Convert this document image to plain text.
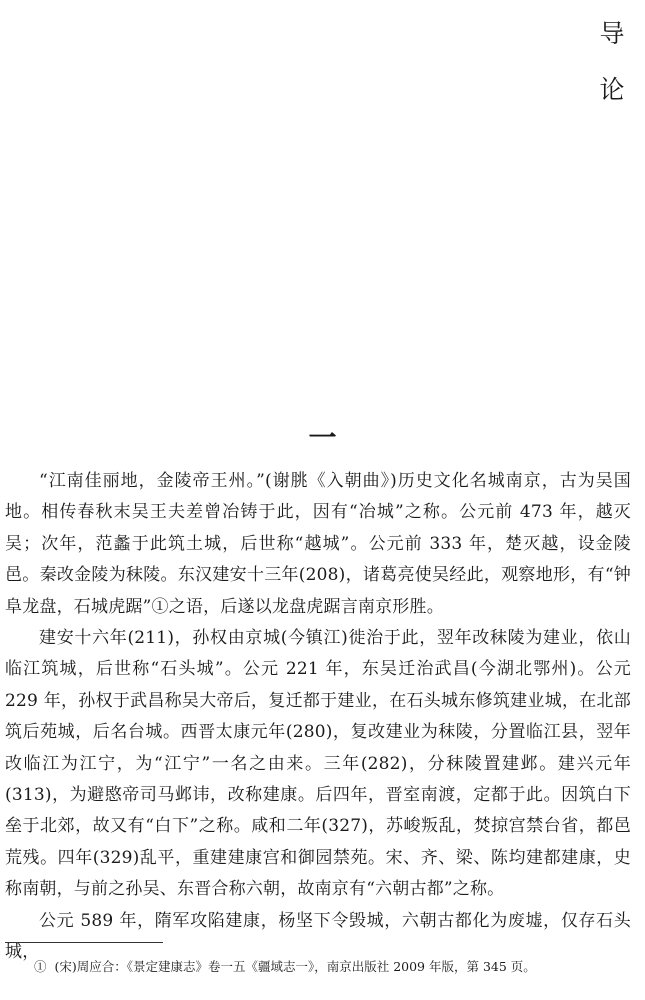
导
论
一

“江南佳丽地，金陵帝王州。”(谢朓《入朝曲》)历史文化名城南京，古为吴国地。相传春秋末吴王夫差曾冶铸于此，因有“冶城”之称。公元前 473 年，越灭吴；次年，范蠡于此筑土城，后世称“越城”。公元前 333 年，楚灭越，设金陵邑。秦改金陵为秣陵。东汉建安十三年(208)，诸葛亮使吴经此，观察地形，有“钟阜龙盘，石城虎踞”①之语，后遂以龙盘虎踞言南京形胜。

建安十六年(211)，孙权由京城(今镇江)徙治于此，翌年改秣陵为建业，依山临江筑城，后世称“石头城”。公元 221 年，东吴迁治武昌(今湖北鄂州)。公元 229 年，孙权于武昌称吴大帝后，复迁都于建业，在石头城东修筑建业城，在北部筑后苑城，后名台城。西晋太康元年(280)，复改建业为秣陵，分置临江县，翌年改临江为江宁，为“江宁”一名之由来。三年(282)，分秣陵置建邺。建兴元年(313)，为避愍帝司马邺讳，改称建康。后四年，晋室南渡，定都于此。因筑白下垒于北郊，故又有“白下”之称。咸和二年(327)，苏峻叛乱，焚掠宫禁台省，都邑荒残。四年(329)乱平，重建建康宫和御园禁苑。宋、齐、梁、陈均建都建康，史称南朝，与前之孙吴、东晋合称六朝，故南京有“六朝古都”之称。

公元 589 年，隋军攻陷建康，杨坚下令毁城，六朝古都化为废墟，仅存石头城，

① (宋)周应合：《景定建康志》卷一五《疆域志一》，南京出版社 2009 年版，第 345 页。
